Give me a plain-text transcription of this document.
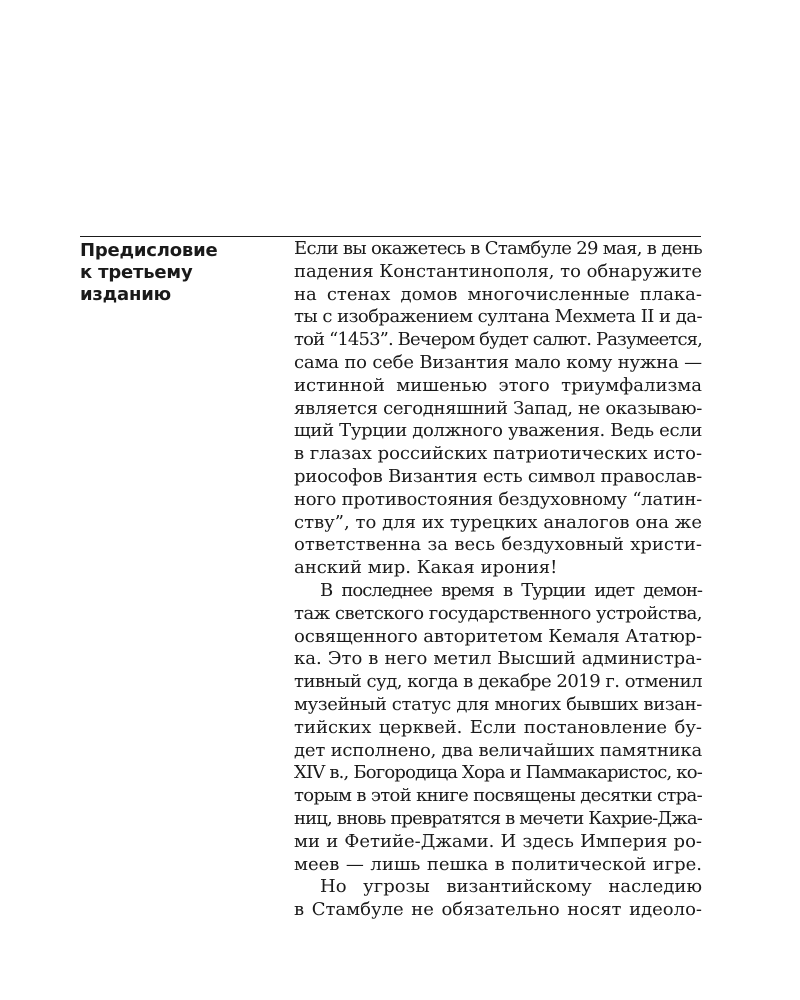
Предисловие
к третьему
изданию
Если вы окажетесь в Стамбуле 29 мая, в день
падения Константинополя, то обнаружите
на стенах домов многочисленные плака-
ты с изображением султана Мехмета II и да-
той “1453”. Вечером будет салют. Разумеется,
сама по себе Византия мало кому нужна —
истинной мишенью этого триумфализма
является сегодняшний Запад, не оказываю-
щий Турции должного уважения. Ведь если
в глазах российских патриотических исто-
риософов Византия есть символ православ-
ного противостояния бездуховному “латин-
ству”, то для их турецких аналогов она же
ответственна за весь бездуховный христи-
анский мир. Какая ирония!
В последнее время в Турции идет демон-
таж светского государственного устройства,
освященного авторитетом Кемаля Ататюр-
ка. Это в него метил Высший администра-
тивный суд, когда в декабре 2019 г. отменил
музейный статус для многих бывших визан-
тийских церквей. Если постановление бу-
дет исполнено, два величайших памятника
XIV в., Богородица Хора и Паммакаристос, ко-
торым в этой книге посвящены десятки стра-
ниц, вновь превратятся в мечети Кахрие-Джа-
ми и Фетийе-Джами. И здесь Империя ро-
меев — лишь пешка в политической игре.
Но угрозы византийскому наследию
в Стамбуле не обязательно носят идеоло-
